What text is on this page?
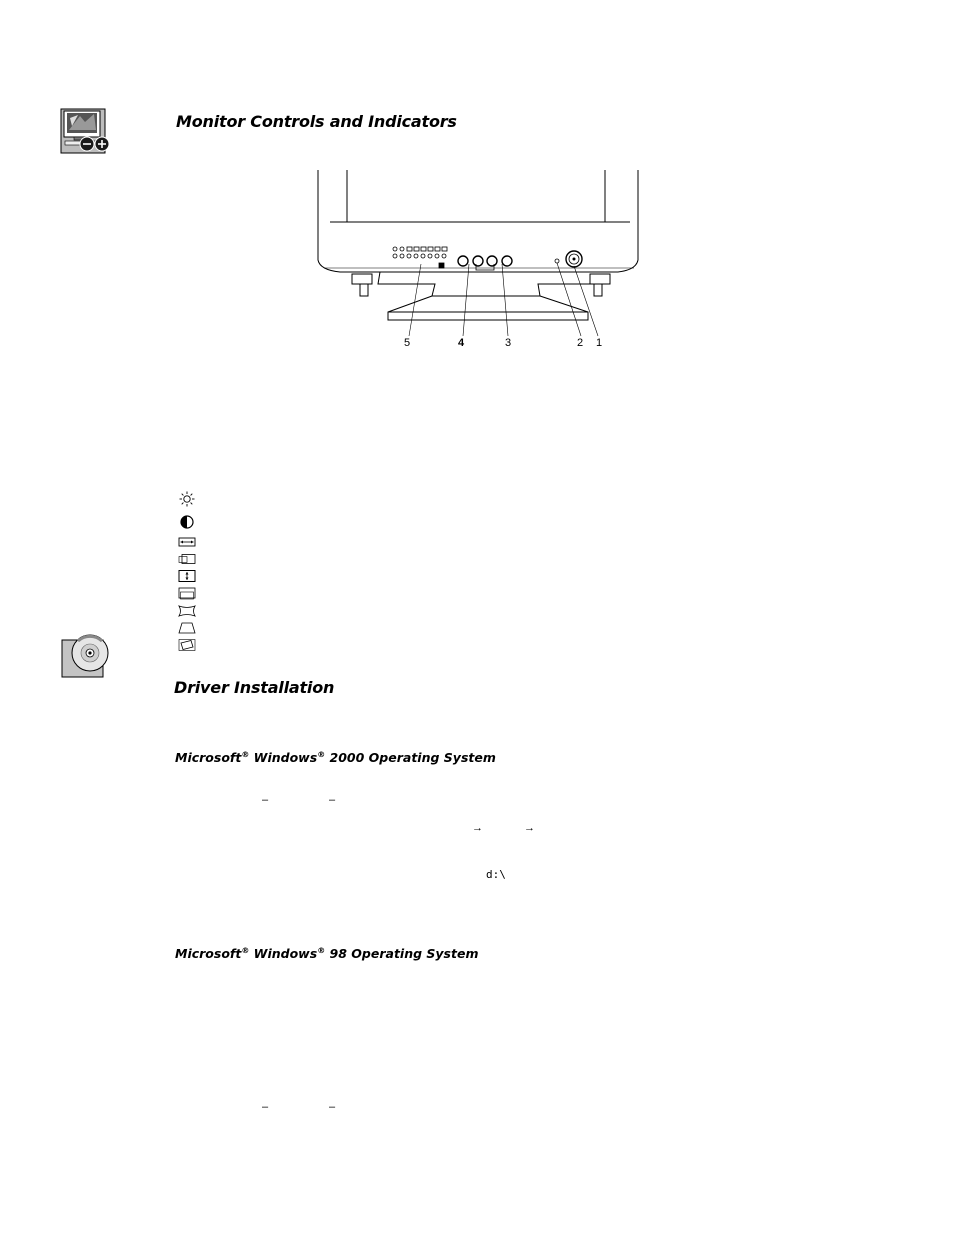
Monitor Controls and Indicators
5	4	3	2 1
Driver Installation
Microsoft® Windows® 2000 Operating System
–	–
→	→
d:\
Microsoft® Windows® 98 Operating System
–	–
